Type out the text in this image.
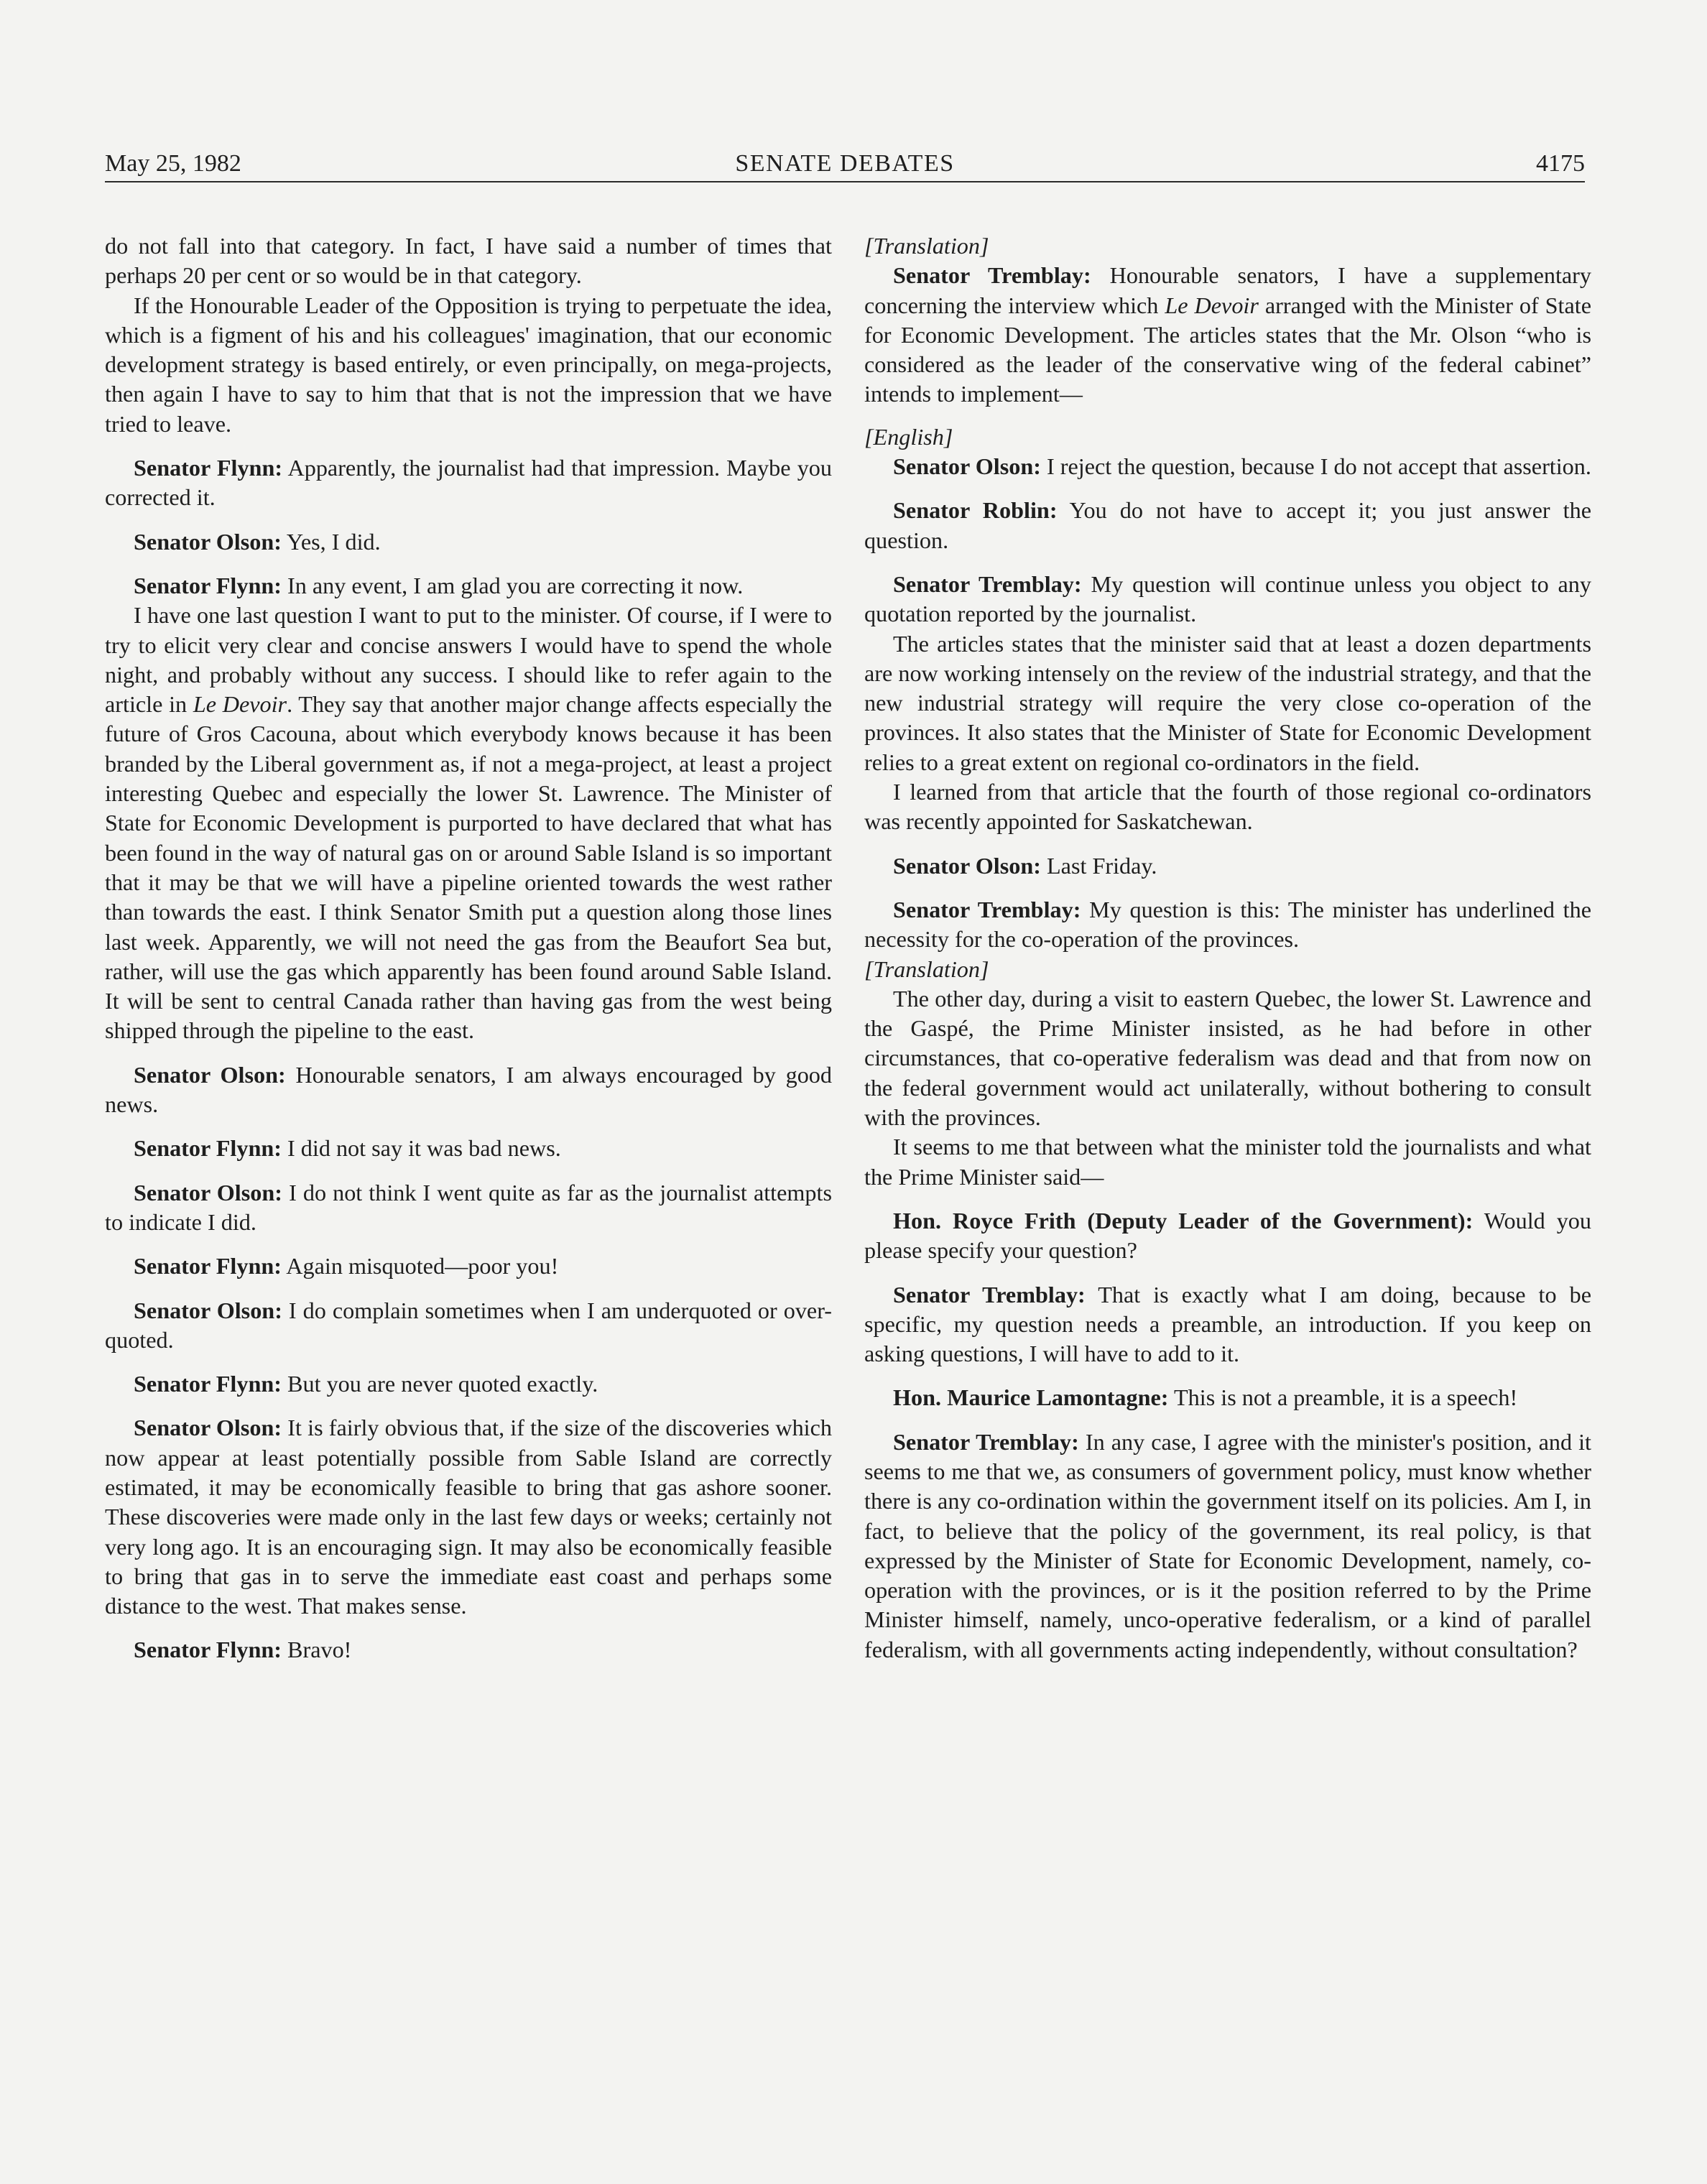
May 25, 1982	SENATE DEBATES	4175

do not fall into that category. In fact, I have said a number of times that perhaps 20 per cent or so would be in that category.

If the Honourable Leader of the Opposition is trying to perpetuate the idea, which is a figment of his and his colleagues' imagination, that our economic development strategy is based entirely, or even principally, on mega-projects, then again I have to say to him that that is not the impression that we have tried to leave.

Senator Flynn: Apparently, the journalist had that impression. Maybe you corrected it.

Senator Olson: Yes, I did.

Senator Flynn: In any event, I am glad you are correcting it now.

I have one last question I want to put to the minister. Of course, if I were to try to elicit very clear and concise answers I would have to spend the whole night, and probably without any success. I should like to refer again to the article in Le Devoir. They say that another major change affects especially the future of Gros Cacouna, about which everybody knows because it has been branded by the Liberal government as, if not a mega-project, at least a project interesting Quebec and especially the lower St. Lawrence. The Minister of State for Economic Development is purported to have declared that what has been found in the way of natural gas on or around Sable Island is so important that it may be that we will have a pipeline oriented towards the west rather than towards the east. I think Senator Smith put a question along those lines last week. Apparently, we will not need the gas from the Beaufort Sea but, rather, will use the gas which apparently has been found around Sable Island. It will be sent to central Canada rather than having gas from the west being shipped through the pipeline to the east.

Senator Olson: Honourable senators, I am always encouraged by good news.

Senator Flynn: I did not say it was bad news.

Senator Olson: I do not think I went quite as far as the journalist attempts to indicate I did.

Senator Flynn: Again misquoted—poor you!

Senator Olson: I do complain sometimes when I am underquoted or over-quoted.

Senator Flynn: But you are never quoted exactly.

Senator Olson: It is fairly obvious that, if the size of the discoveries which now appear at least potentially possible from Sable Island are correctly estimated, it may be economically feasible to bring that gas ashore sooner. These discoveries were made only in the last few days or weeks; certainly not very long ago. It is an encouraging sign. It may also be economically feasible to bring that gas in to serve the immediate east coast and perhaps some distance to the west. That makes sense.

Senator Flynn: Bravo!

[Translation]

Senator Tremblay: Honourable senators, I have a supplementary concerning the interview which Le Devoir arranged with the Minister of State for Economic Development. The articles states that the Mr. Olson “who is considered as the leader of the conservative wing of the federal cabinet” intends to implement—

[English]

Senator Olson: I reject the question, because I do not accept that assertion.

Senator Roblin: You do not have to accept it; you just answer the question.

Senator Tremblay: My question will continue unless you object to any quotation reported by the journalist.

The articles states that the minister said that at least a dozen departments are now working intensely on the review of the industrial strategy, and that the new industrial strategy will require the very close co-operation of the provinces. It also states that the Minister of State for Economic Development relies to a great extent on regional co-ordinators in the field.

I learned from that article that the fourth of those regional co-ordinators was recently appointed for Saskatchewan.

Senator Olson: Last Friday.

Senator Tremblay: My question is this: The minister has underlined the necessity for the co-operation of the provinces.

[Translation]

The other day, during a visit to eastern Quebec, the lower St. Lawrence and the Gaspé, the Prime Minister insisted, as he had before in other circumstances, that co-operative federalism was dead and that from now on the federal government would act unilaterally, without bothering to consult with the provinces.

It seems to me that between what the minister told the journalists and what the Prime Minister said—

Hon. Royce Frith (Deputy Leader of the Government): Would you please specify your question?

Senator Tremblay: That is exactly what I am doing, because to be specific, my question needs a preamble, an introduction. If you keep on asking questions, I will have to add to it.

Hon. Maurice Lamontagne: This is not a preamble, it is a speech!

Senator Tremblay: In any case, I agree with the minister's position, and it seems to me that we, as consumers of government policy, must know whether there is any co-ordination within the government itself on its policies. Am I, in fact, to believe that the policy of the government, its real policy, is that expressed by the Minister of State for Economic Development, namely, co-operation with the provinces, or is it the position referred to by the Prime Minister himself, namely, unco-operative federalism, or a kind of parallel federalism, with all governments acting independently, without consultation?
